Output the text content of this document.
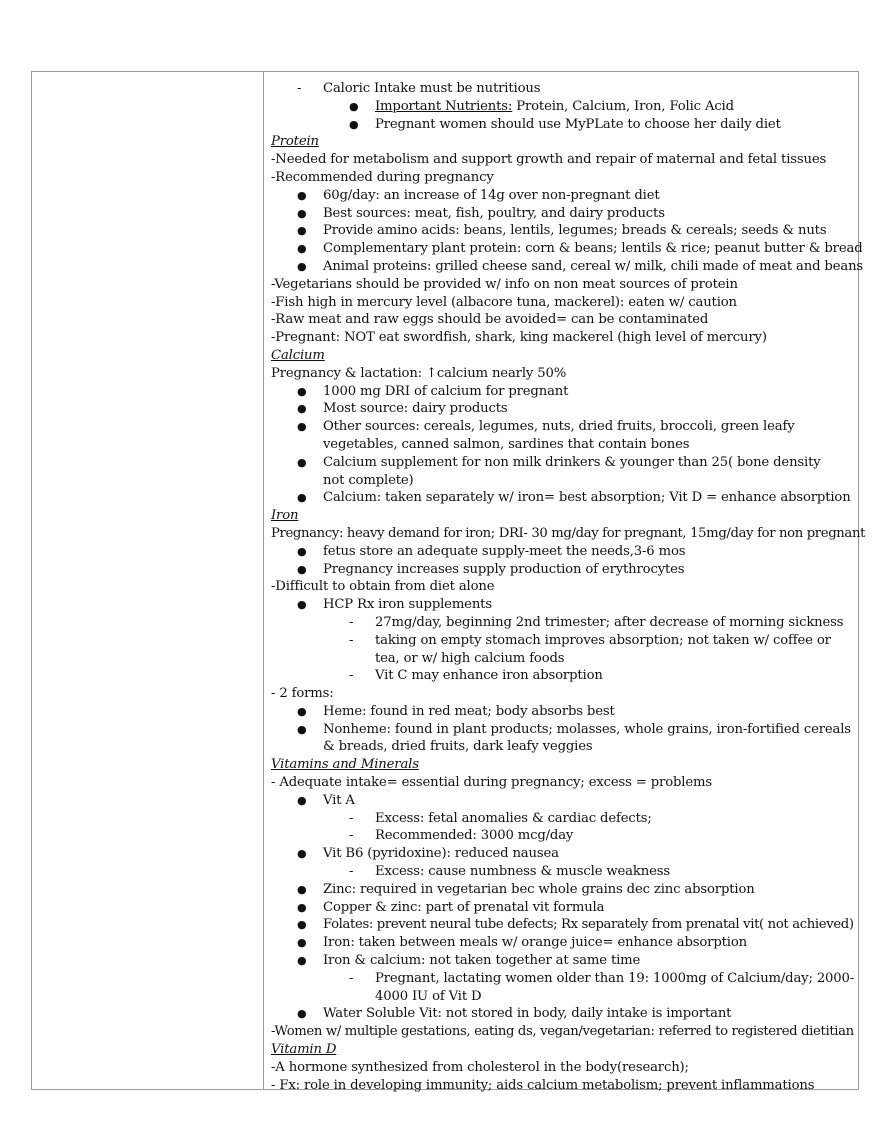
- Caloric Intake must be nutritious
● Important Nutrients: Protein, Calcium, Iron, Folic Acid
● Pregnant women should use MyPLate to choose her daily diet
Protein
-Needed for metabolism and support growth and repair of maternal and fetal tissues
-Recommended during pregnancy
● 60g/day: an increase of 14g over non-pregnant diet
● Best sources: meat, fish, poultry, and dairy products
● Provide amino acids: beans, lentils, legumes; breads & cereals; seeds & nuts
● Complementary plant protein: corn & beans; lentils & rice; peanut butter & bread
● Animal proteins: grilled cheese sand, cereal w/ milk, chili made of meat and beans
-Vegetarians should be provided w/ info on non meat sources of protein
-Fish high in mercury level (albacore tuna, mackerel): eaten w/ caution
-Raw meat and raw eggs should be avoided= can be contaminated
-Pregnant: NOT eat swordfish, shark, king mackerel (high level of mercury)
Calcium
Pregnancy & lactation: ↑calcium nearly 50%
● 1000 mg DRI of calcium for pregnant
● Most source: dairy products
● Other sources: cereals, legumes, nuts, dried fruits, broccoli, green leafy vegetables, canned salmon, sardines that contain bones
● Calcium supplement for non milk drinkers & younger than 25( bone density not complete)
● Calcium: taken separately w/ iron= best absorption; Vit D = enhance absorption
Iron
Pregnancy: heavy demand for iron; DRI- 30 mg/day for pregnant, 15mg/day for non pregnant
● fetus store an adequate supply-meet the needs,3-6 mos
● Pregnancy increases supply production of erythrocytes
-Difficult to obtain from diet alone
● HCP Rx iron supplements
- 27mg/day, beginning 2nd trimester; after decrease of morning sickness
- taking on empty stomach improves absorption; not taken w/ coffee or tea, or w/ high calcium foods
- Vit C may enhance iron absorption
- 2 forms:
● Heme: found in red meat; body absorbs best
● Nonheme: found in plant products; molasses, whole grains, iron-fortified cereals & breads, dried fruits, dark leafy veggies
Vitamins and Minerals
- Adequate intake= essential during pregnancy; excess = problems
● Vit A
- Excess: fetal anomalies & cardiac defects;
- Recommended: 3000 mcg/day
● Vit B6 (pyridoxine): reduced nausea
- Excess: cause numbness & muscle weakness
● Zinc: required in vegetarian bec whole grains dec zinc absorption
● Copper & zinc: part of prenatal vit formula
● Folates: prevent neural tube defects; Rx separately from prenatal vit( not achieved)
● Iron: taken between meals w/ orange juice= enhance absorption
● Iron & calcium: not taken together at same time
- Pregnant, lactating women older than 19: 1000mg of Calcium/day; 2000-4000 IU of Vit D
● Water Soluble Vit: not stored in body, daily intake is important
-Women w/ multiple gestations, eating ds, vegan/vegetarian: referred to registered dietitian
Vitamin D
-A hormone synthesized from cholesterol in the body(research);
- Fx: role in developing immunity; aids calcium metabolism; prevent inflammations
